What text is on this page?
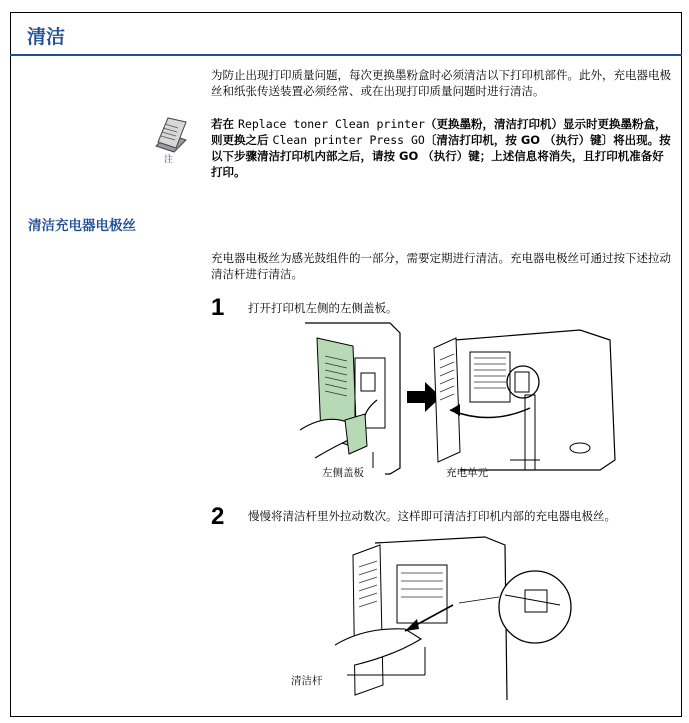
清洁
为防止出现打印质量问题，每次更换墨粉盒时必须清洁以下打印机部件。此外，充电器电极丝和纸张传送装置必须经常、或在出现打印质量问题时进行清洁。
注
若在 Replace toner Clean printer（更换墨粉，清洁打印机）显示时更换墨粉盒，则更换之后 Clean printer Press GO〔清洁打印机，按 GO （执行）键〕将出现。按以下步骤清洁打印机内部之后，请按 GO （执行）键；上述信息将消失，且打印机准备好打印。
清洁充电器电极丝
充电器电极丝为感光鼓组件的一部分，需要定期进行清洁。充电器电极丝可通过按下述拉动清洁杆进行清洁。
1 打开打印机左侧的左侧盖板。
左侧盖板	充电单元
2 慢慢将清洁杆里外拉动数次。这样即可清洁打印机内部的充电器电极丝。
清洁杆
